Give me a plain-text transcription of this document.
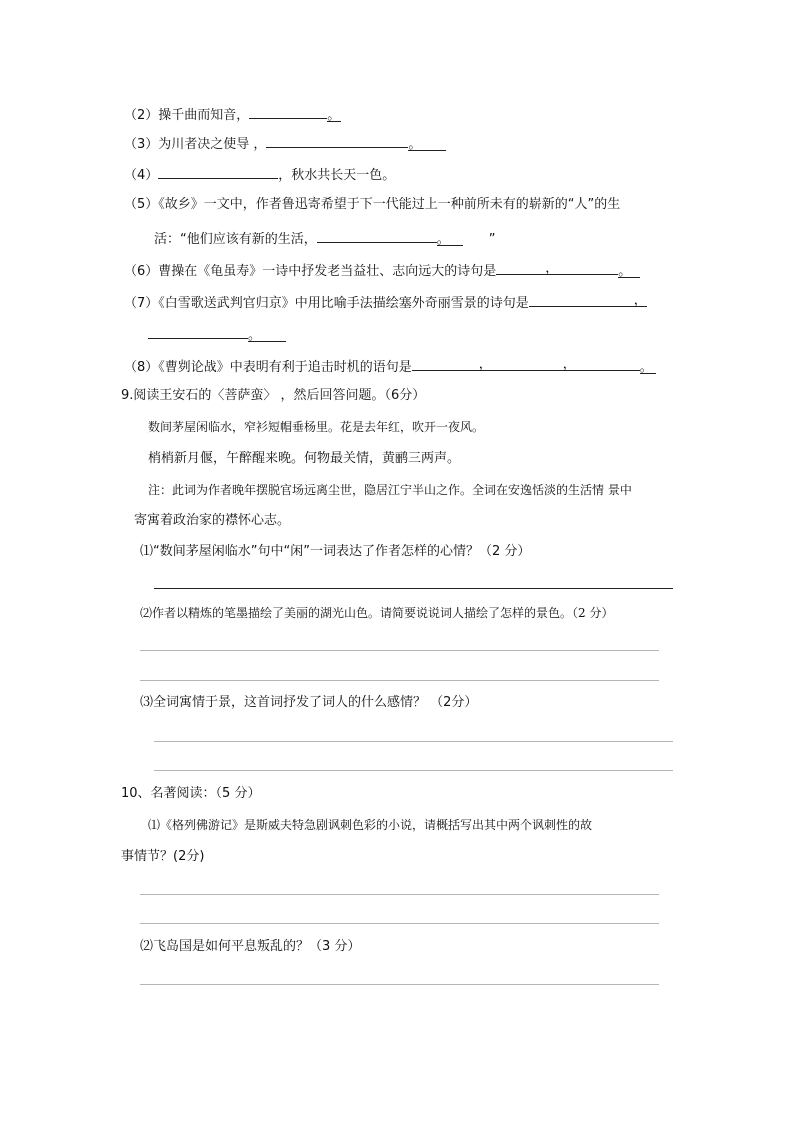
（2）操千曲而知音，	。
（3）为川者决之使导 ，	。
（4）	，秋水共长天一色。
（5）《故乡》一文中，作者鲁迅寄希望于下一代能过上一种前所未有的崭新的“人”的生
活：“他们应该有新的生活，	。	”
（6）曹操在《龟虽寿》一诗中抒发老当益壮、志向远大的诗句是	，	。
（7）《白雪歌送武判官归京》中用比喻手法描绘塞外奇丽雪景的诗句是	，
。
（8）《曹刿论战》中表明有利于追击时机的语句是	，	，	。
9.阅读王安石的〈菩萨蛮〉 ，然后回答问题。（6分）
数间茅屋闲临水，窄衫短帽垂杨里。花是去年红，吹开一夜风。
梢梢新月偃，午醉醒来晚。何物最关情，黄鹂三两声。
注：此词为作者晚年摆脱官场远离尘世，隐居江宁半山之作。全词在安逸恬淡的生活情 景中
寄寓着政治家的襟怀心志。
⑴“数间茅屋闲临水”句中“闲”一词表达了作者怎样的心情？（2 分）
⑵作者以精炼的笔墨描绘了美丽的湖光山色。请简要说说词人描绘了怎样的景色。（2 分）
⑶全词寓情于景，这首词抒发了词人的什么感情？ （2分）
10、名著阅读：（5 分）
⑴《格列佛游记》是斯威夫特急剧讽刺色彩的小说，请概括写出其中两个讽刺性的故
事情节？(2分)
⑵飞岛国是如何平息叛乱的？（3 分）
